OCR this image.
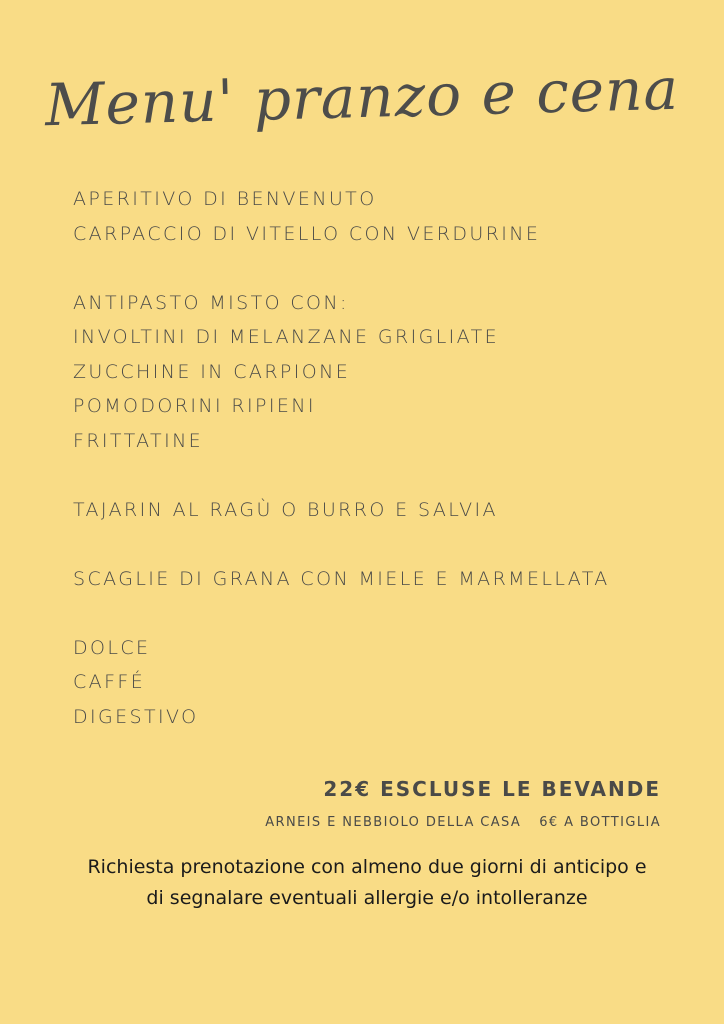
Menu' pranzo e cena
APERITIVO DI BENVENUTO
CARPACCIO DI VITELLO CON VERDURINE
ANTIPASTO MISTO CON:
INVOLTINI DI MELANZANE GRIGLIATE
ZUCCHINE IN CARPIONE
POMODORINI RIPIENI
FRITTATINE
TAJARIN AL RAGÙ O BURRO E SALVIA
SCAGLIE DI GRANA CON MIELE E MARMELLATA
DOLCE
CAFFÉ
DIGESTIVO
22€ ESCLUSE LE BEVANDE
ARNEIS E NEBBIOLO DELLA CASA 6€ A BOTTIGLIA
Richiesta prenotazione con almeno due giorni di anticipo e di segnalare eventuali allergie e/o intolleranze
